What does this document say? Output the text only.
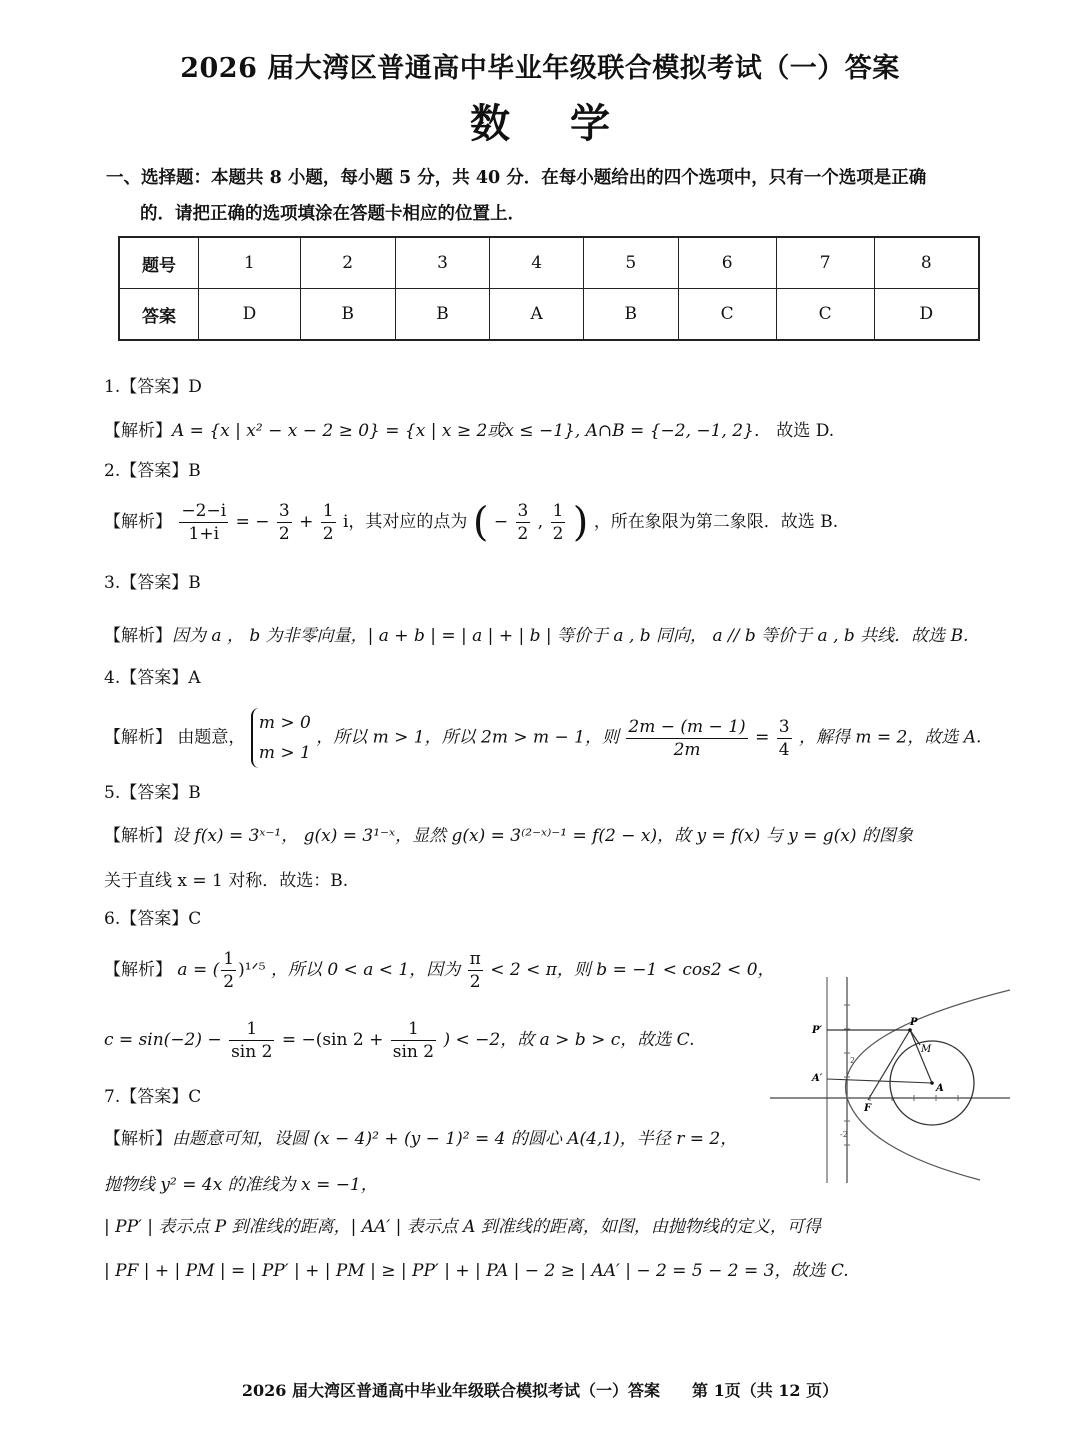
2026 届大湾区普通高中毕业年级联合模拟考试（一）答案
数学
一、选择题：本题共 8 小题，每小题 5 分，共 40 分．在每小题给出的四个选项中，只有一个选项是正确
的．请把正确的选项填涂在答题卡相应的位置上．
题号	1	2	3	4	5	6	7	8
答案	D	B	B	A	B	C	C	D
1.【答案】D
【解析】A = {x | x² − x − 2 ≥ 0} = {x | x ≥ 2或x ≤ −1}, A∩B = {−2, −1, 2}． 故选 D.
2.【答案】B
【解析】 $\frac{-2-i}{1+i}$ = − $\frac{3}{2} + \frac{1}{2}$ i，其对应的点为 ( − $\frac{3}{2}$ , $\frac{1}{2}$ ) ，所在象限为第二象限．故选 B.
3.【答案】B
【解析】因为 a ， b 为非零向量，| a + b | = | a | + | b | 等价于 a , b 同向， a // b 等价于 a , b 共线．故选 B.
4.【答案】A
【解析】 由题意，
m > 0
m > 1
，所以 m > 1，所以 2m > m − 1，则 $\frac{2m - (m - 1)}{2m} = \frac{3}{4}$ ，解得 m = 2，故选 A.
5.【答案】B
【解析】设 f(x) = 3ˣ⁻¹， g(x) = 3¹⁻ˣ，显然 g(x) = 3⁽²⁻ˣ⁾⁻¹ = f(2 − x)，故 y = f(x) 与 y = g(x) 的图象
关于直线 x = 1 对称．故选：B.
6.【答案】C
【解析】 a = ( $\frac{1}{2}$ )¹ᐟ⁵ ，所以 0 < a < 1，因为 $\frac{\pi}{2} < 2 < \pi$，则 b = −1 < cos2 < 0，
$c = \sin(-2) - \frac{1}{\sin 2} = -(\sin$ $2 + \frac{1}{\sin 2}$ ) < −2，故 a > b > c，故选 C.
7.【答案】C
【解析】由题意可知，设圆 (x − 4)² + (y − 1)² = 4 的圆心 A(4,1)，半径 r = 2，
抛物线 y² = 4x 的准线为 x = −1，
| PP′ | 表示点 P 到准线的距离，| AA′ | 表示点 A 到准线的距离，如图，由抛物线的定义，可得
| PF | + | PM | = | PP′ | + | PM | ≥ | PP′ | + | PA | − 2 ≥ | AA′ | − 2 = 5 − 2 = 3，故选 C.
2
-2
P
P′
M
A′
A
F
2026 届大湾区普通高中毕业年级联合模拟考试（一）答案　　第 1页（共 12 页）
